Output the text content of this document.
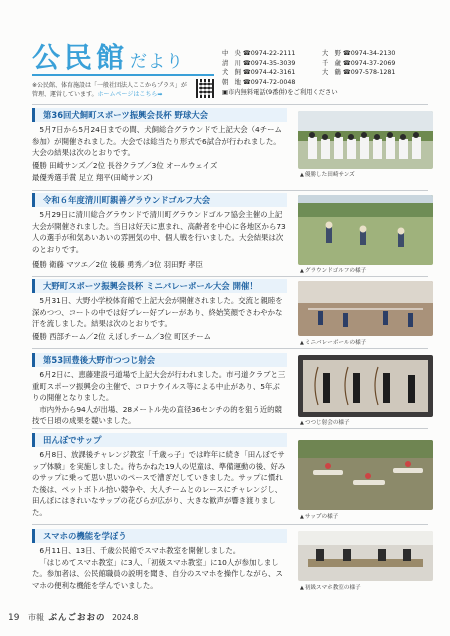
公民館 だより
※公民館、体育施設は「一般社団法人ここからプラス」が管理、運営しています。ホームページはこちら➡
中　央 ☎0974-22-2111	大　野 ☎0974-34-2130
清　川 ☎0974-35-3039	千　歳 ☎0974-37-2069
犬　飼 ☎0974-42-3161	大　鶴 ☎097-578-1281
朝　地 ☎0974-72-0048
▣市内無料電話(9番併)をご利用ください
第36回犬飼町スポーツ振興会長杯 野球大会

5月7日から5月24日までの間、犬飼総合グラウンドで上記大会（4チーム参加）が開催されました。大会では総当たり形式で6試合が行われました。大会の結果は次のとおりです。

優勝 田崎サンズ／2位 長谷クラブ／3位 オールウェイズ
最優秀選手賞 足立 翔平(田崎サンズ)	▲優勝した田崎サンズ
令和６年度清川町親善グラウンドゴルフ大会

5月29日に清川総合グラウンドで清川町グラウンドゴルフ協会主催の上記大会が開催されました。当日は好天に恵まれ、高齢者を中心に各地区から73人の選手が和気あいあいの雰囲気の中、個人戦を行いました。大会結果は次のとおりです。

優勝 衛藤 マツエ／2位 後藤 勇秀／3位 羽田野 孝臣
▲グラウンドゴルフの様子
大野町スポーツ振興会長杯 ミニバレーボール大会 開催！

5月31日、大野小学校体育館で上記大会が開催されました。交流と親睦を深めつつ、コートの中では好プレー好ブレーがあり、終始笑顔でさわやかな汗を流しました。結果は次のとおりです。

優勝 西部チーム／2位 えぼしチーム／3位 町区チーム
▲ミニバレーボールの様子
第53回豊後大野市つつじ射会

6月2日に、恵藤建設弓道場で上記大会が行われました。市弓道クラブと三重町スポーツ振興会の主催で、コロナウイルス等による中止があり、5年ぶりの開催となりました。

市内外から94人が出場、28メートル先の直径36センチの的を狙う近的競技で日頃の成果を競いました。	▲つつじ射会の様子
田んぼでサップ

6月8日、放課後チャレンジ教室「千歳っ子」では昨年に続き「田んぼでサップ体験」を実施しました。待ちかねた19人の児童は、準備運動の後、好みのサップに乗って思い思いのペースで漕ぎだしていきました。サップに慣れた後は、ペットボトル拾い競争や、大人チームとのレースにチャレンジし、田んぼにはきれいなサップの花びらが広がり、大きな歓声が響き渡りました。

▲サップの様子
スマホの機能を学ぼう

6月11日、13日、千歳公民館でスマホ教室を開催しました。

「はじめてスマホ教室」に3人、「初級スマホ教室」に10人が参加しました。参加者は、公民館職員の説明を聞き、自分のスマホを操作しながら、スマホの便利な機能を学んでいました。	▲初級スマホ教室の様子
19 市報 ぶんごおおの 2024.8
